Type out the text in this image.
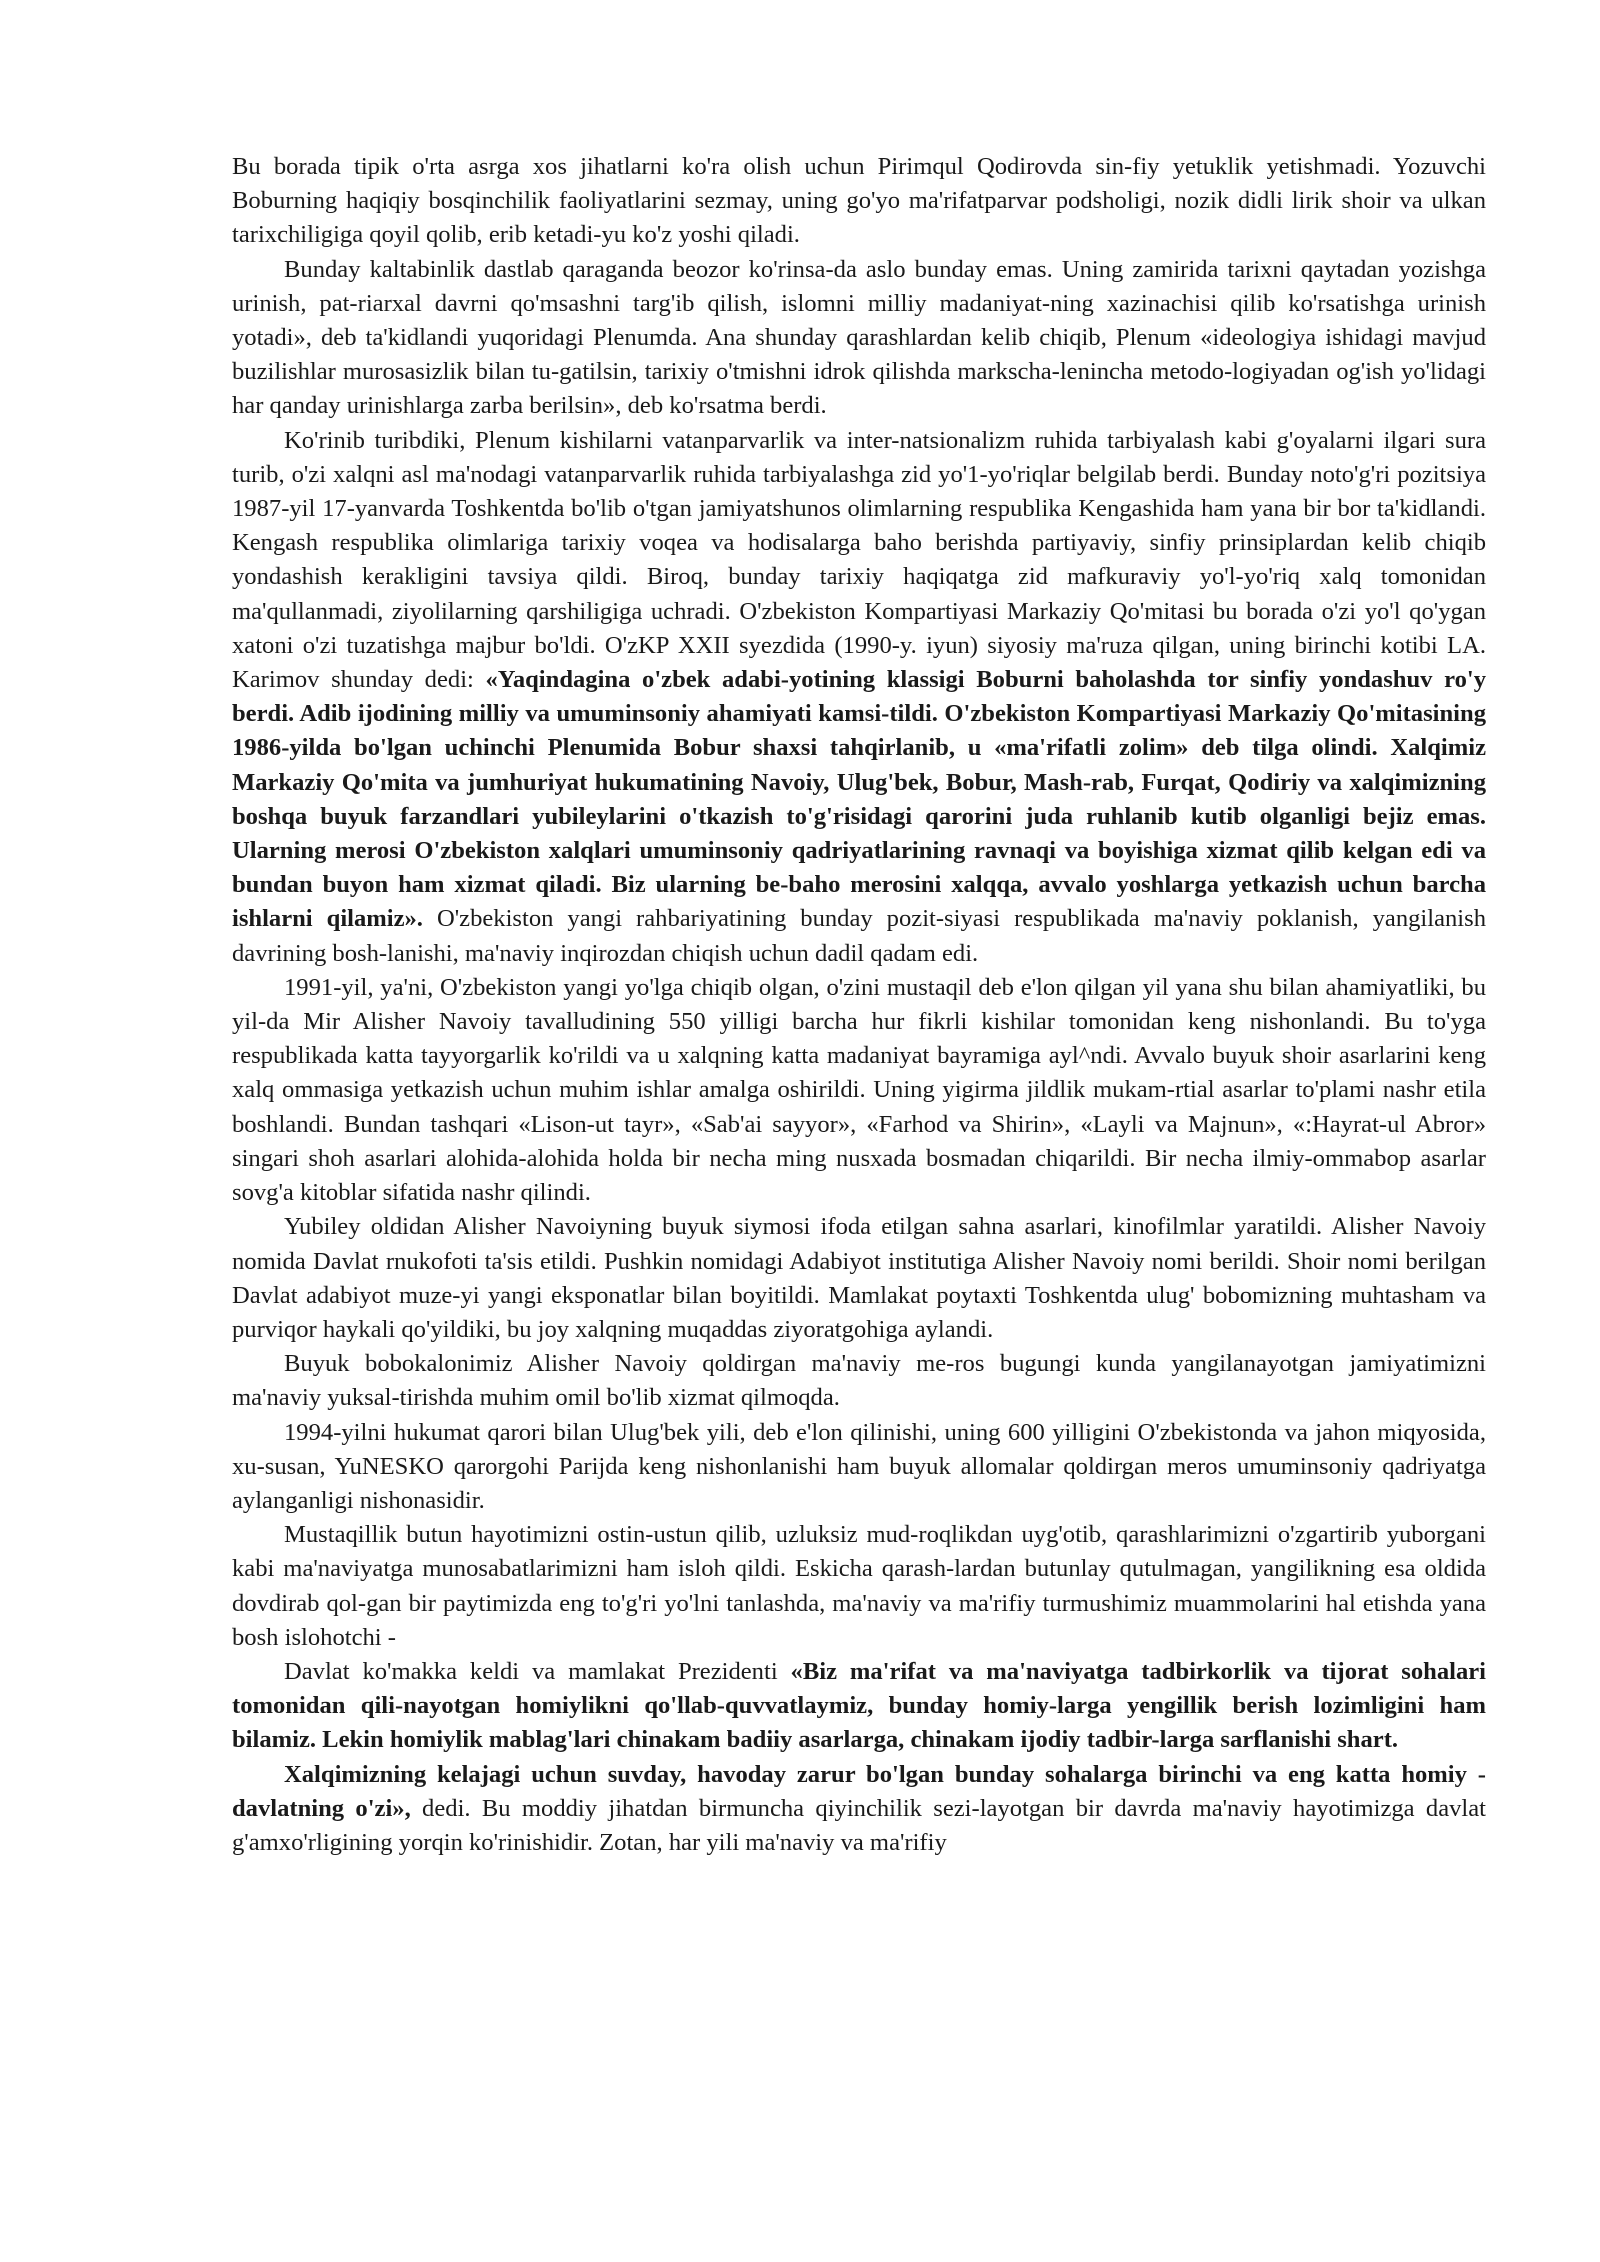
Bu borada tipik o'rta asrga xos jihatlarni ko'ra olish uchun Pirimqul Qodirovda sin-fiy yetuklik yetishmadi. Yozuvchi Boburning haqiqiy bosqinchilik faoliyatlarini sezmay, uning go'yo ma'rifatparvar podsholigi, nozik didli lirik shoir va ulkan tarixchiligiga qoyil qolib, erib ketadi-yu ko'z yoshi qiladi.

Bunday kaltabinlik dastlab qaraganda beozor ko'rinsa-da aslo bunday emas. Uning zamirida tarixni qaytadan yozishga urinish, pat-riarxal davrni qo'msashni targ'ib qilish, islomni milliy madaniyat-ning xazinachisi qilib ko'rsatishga urinish yotadi», deb ta'kidlandi yuqoridagi Plenumda. Ana shunday qarashlardan kelib chiqib, Plenum «ideologiya ishidagi mavjud buzilishlar murosasizlik bilan tu-gatilsin, tarixiy o'tmishni idrok qilishda markscha-lenincha metodo-logiyadan og'ish yo'lidagi har qanday urinishlarga zarba berilsin», deb ko'rsatma berdi.

Ko'rinib turibdiki, Plenum kishilarni vatanparvarlik va inter-natsionalizm ruhida tarbiyalash kabi g'oyalarni ilgari sura turib, o'zi xalqni asl ma'nodagi vatanparvarlik ruhida tarbiyalashga zid yo'1-yo'riqlar belgilab berdi. Bunday noto'g'ri pozitsiya 1987-yil 17-yanvarda Toshkentda bo'lib o'tgan jamiyatshunos olimlarning respublika Kengashida ham yana bir bor ta'kidlandi. Kengash respublika olimlariga tarixiy voqea va hodisalarga baho berishda partiyaviy, sinfiy prinsiplardan kelib chiqib yondashish kerakligini tavsiya qildi. Biroq, bunday tarixiy haqiqatga zid mafkuraviy yo'l-yo'riq xalq tomonidan ma'qullanmadi, ziyolilarning qarshiligiga uchradi. O'zbekiston Kompartiyasi Markaziy Qo'mitasi bu borada o'zi yo'l qo'ygan xatoni o'zi tuzatishga majbur bo'ldi. O'zKP XXII syezdida (1990-y. iyun) siyosiy ma'ruza qilgan, uning birinchi kotibi LA. Karimov shunday dedi: «Yaqindagina o'zbek adabi-yotining klassigi Boburni baholashda tor sinfiy yondashuv ro'y berdi. Adib ijodining milliy va umuminsoniy ahamiyati kamsi-tildi. O'zbekiston Kompartiyasi Markaziy Qo'mitasining 1986-yilda bo'lgan uchinchi Plenumida Bobur shaxsi tahqirlanib, u «ma'rifatli zolim» deb tilga olindi. Xalqimiz Markaziy Qo'mita va jumhuriyat hukumatining Navoiy, Ulug'bek, Bobur, Mash-rab, Furqat, Qodiriy va xalqimizning boshqa buyuk farzandlari yubileylarini o'tkazish to'g'risidagi qarorini juda ruhlanib kutib olganligi bejiz emas. Ularning merosi O'zbekiston xalqlari umuminsoniy qadriyatlarining ravnaqi va boyishiga xizmat qilib kelgan edi va bundan buyon ham xizmat qiladi. Biz ularning be-baho merosini xalqqa, avvalo yoshlarga yetkazish uchun barcha ishlarni qilamiz». O'zbekiston yangi rahbariyatining bunday pozit-siyasi respublikada ma'naviy poklanish, yangilanish davrining bosh-lanishi, ma'naviy inqirozdan chiqish uchun dadil qadam edi.

1991-yil, ya'ni, O'zbekiston yangi yo'lga chiqib olgan, o'zini mustaqil deb e'lon qilgan yil yana shu bilan ahamiyatliki, bu yil-da Mir Alisher Navoiy tavalludining 550 yilligi barcha hur fikrli kishilar tomonidan keng nishonlandi. Bu to'yga respublikada katta tayyorgarlik ko'rildi va u xalqning katta madaniyat bayramiga ayl^ndi. Avvalo buyuk shoir asarlarini keng xalq ommasiga yetkazish uchun muhim ishlar amalga oshirildi. Uning yigirma jildlik mukam-rtial asarlar to'plami nashr etila boshlandi. Bundan tashqari «Lison-ut tayr», «Sab'ai sayyor», «Farhod va Shirin», «Layli va Majnun», «:Hayrat-ul Abror» singari shoh asarlari alohida-alohida holda bir necha ming nusxada bosmadan chiqarildi. Bir necha ilmiy-ommabop asarlar sovg'a kitoblar sifatida nashr qilindi.

Yubiley oldidan Alisher Navoiyning buyuk siymosi ifoda etilgan sahna asarlari, kinofilmlar yaratildi. Alisher Navoiy nomida Davlat rnukofoti ta'sis etildi. Pushkin nomidagi Adabiyot institutiga Alisher Navoiy nomi berildi. Shoir nomi berilgan Davlat adabiyot muze-yi yangi eksponatlar bilan boyitildi. Mamlakat poytaxti Toshkentda ulug' bobomizning muhtasham va purviqor haykali qo'yildiki, bu joy xalqning muqaddas ziyoratgohiga aylandi.

Buyuk bobokalonimiz Alisher Navoiy qoldirgan ma'naviy me-ros bugungi kunda yangilanayotgan jamiyatimizni ma'naviy yuksal-tirishda muhim omil bo'lib xizmat qilmoqda.

1994-yilni hukumat qarori bilan Ulug'bek yili, deb e'lon qilinishi, uning 600 yilligini O'zbekistonda va jahon miqyosida, xu-susan, YuNESKO qarorgohi Parijda keng nishonlanishi ham buyuk allomalar qoldirgan meros umuminsoniy qadriyatga aylanganligi nishonasidir.

Mustaqillik butun hayotimizni ostin-ustun qilib, uzluksiz mud-roqlikdan uyg'otib, qarashlarimizni o'zgartirib yuborgani kabi ma'naviyatga munosabatlarimizni ham isloh qildi. Eskicha qarash-lardan butunlay qutulmagan, yangilikning esa oldida dovdirab qol-gan bir paytimizda eng to'g'ri yo'lni tanlashda, ma'naviy va ma'rifiy turmushimiz muammolarini hal etishda yana bosh islohotchi -

Davlat ko'makka keldi va mamlakat Prezidenti «Biz ma'rifat va ma'naviyatga tadbirkorlik va tijorat sohalari tomonidan qili-nayotgan homiylikni qo'llab-quvvatlaymiz, bunday homiy-larga yengillik berish lozimligini ham bilamiz. Lekin homiylik mablag'lari chinakam badiiy asarlarga, chinakam ijodiy tadbir-larga sarflanishi shart.

Xalqimizning kelajagi uchun suvday, havoday zarur bo'lgan bunday sohalarga birinchi va eng katta homiy - davlatning o'zi», dedi. Bu moddiy jihatdan birmuncha qiyinchilik sezi-layotgan bir davrda ma'naviy hayotimizga davlat g'amxo'rligining yorqin ko'rinishidir. Zotan, har yili ma'naviy va ma'rifiy
